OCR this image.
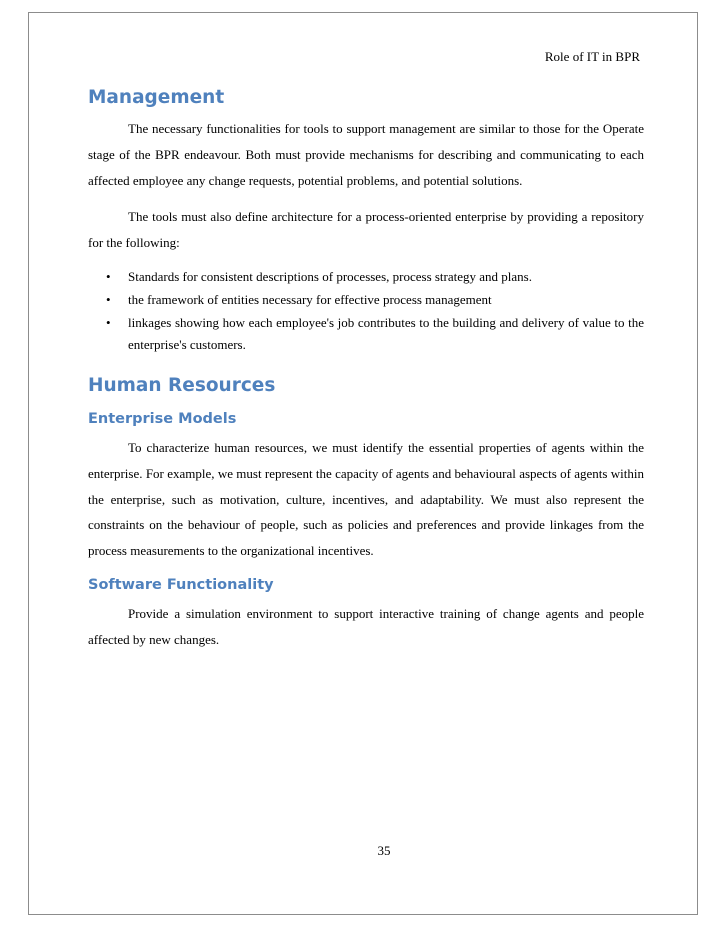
Role of IT in BPR
Management

The necessary functionalities for tools to support management are similar to those for the Operate stage of the BPR endeavour. Both must provide mechanisms for describing and communicating to each affected employee any change requests, potential problems, and potential solutions.

The tools must also define architecture for a process-oriented enterprise by providing a repository for the following:

• Standards for consistent descriptions of processes, process strategy and plans.
• the framework of entities necessary for effective process management
• linkages showing how each employee's job contributes to the building and delivery of value to the enterprise's customers.
Human Resources
Enterprise Models

To characterize human resources, we must identify the essential properties of agents within the enterprise. For example, we must represent the capacity of agents and behavioural aspects of agents within the enterprise, such as motivation, culture, incentives, and adaptability. We must also represent the constraints on the behaviour of people, such as policies and preferences and provide linkages from the process measurements to the organizational incentives.

Software Functionality

Provide a simulation environment to support interactive training of change agents and people affected by new changes.

35
